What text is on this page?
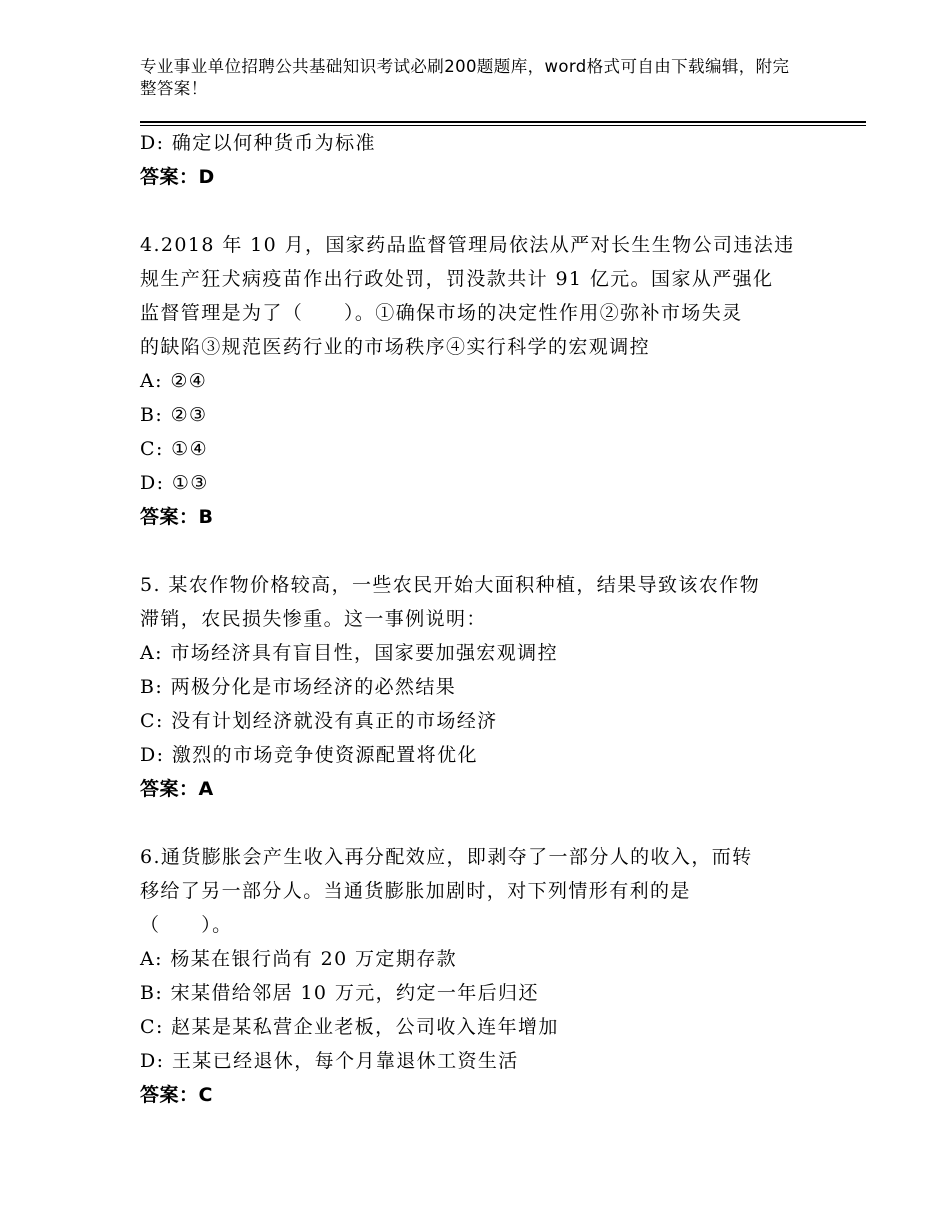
专业事业单位招聘公共基础知识考试必刷200题题库，word格式可自由下载编辑，附完整答案！
D: 确定以何种货币为标准
答案：D
4.2018 年 10 月，国家药品监督管理局依法从严对长生生物公司违法违
规生产狂犬病疫苗作出行政处罚，罚没款共计 91 亿元。国家从严强化
监督管理是为了（　　）。①确保市场的决定性作用②弥补市场失灵
的缺陷③规范医药行业的市场秩序④实行科学的宏观调控
A: ②④
B: ②③
C: ①④
D: ①③
答案：B
5. 某农作物价格较高，一些农民开始大面积种植，结果导致该农作物
滞销，农民损失惨重。这一事例说明：
A: 市场经济具有盲目性，国家要加强宏观调控
B: 两极分化是市场经济的必然结果
C: 没有计划经济就没有真正的市场经济
D: 激烈的市场竞争使资源配置将优化
答案：A
6.通货膨胀会产生收入再分配效应，即剥夺了一部分人的收入，而转
移给了另一部分人。当通货膨胀加剧时，对下列情形有利的是
（　　）。
A: 杨某在银行尚有 20 万定期存款
B: 宋某借给邻居 10 万元，约定一年后归还
C: 赵某是某私营企业老板，公司收入连年增加
D: 王某已经退休，每个月靠退休工资生活
答案：C
